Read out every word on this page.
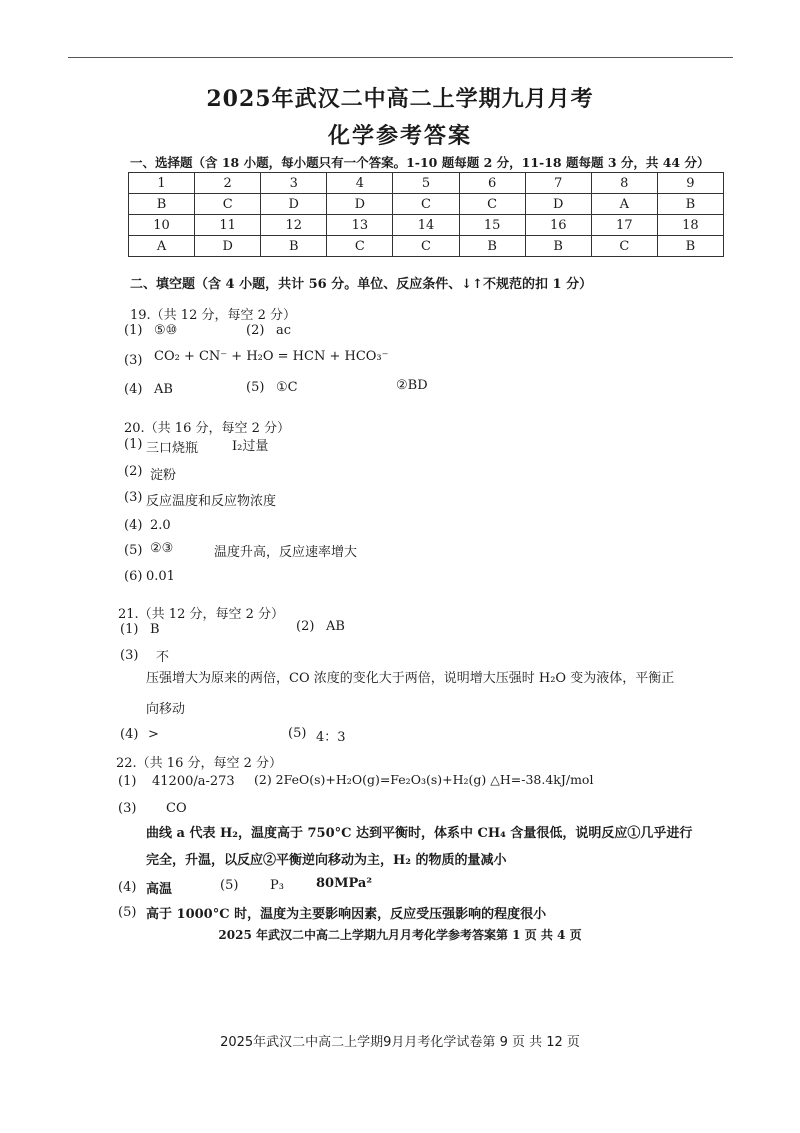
2025年武汉二中高二上学期九月月考
化学参考答案
一、选择题（含 18 小题，每小题只有一个答案。1-10 题每题 2 分，11-18 题每题 3 分，共 44 分）
1	2	3	4	5	6	7	8	9
B	C	D	D	C	C	D	A	B
10	11	12	13	14	15	16	17	18
A	D	B	C	C	B	B	C	B
二、填空题（含 4 小题，共计 56 分。单位、反应条件、↓↑不规范的扣 1 分）
19.（共 12 分，每空 2 分）
(1) ⑤⑩	(2) ac
(3) CO₂ + CN⁻ + H₂O = HCN + HCO₃⁻
(4) AB	(5) ①C	②BD
20.（共 16 分，每空 2 分）
(1) 三口烧瓶	I₂过量
(2) 淀粉
(3) 反应温度和反应物浓度
(4) 2.0
(5) ②③	温度升高，反应速率增大
(6) 0.01
21.（共 12 分，每空 2 分）
(1) B	(2) AB
(3) 不
压强增大为原来的两倍，CO 浓度的变化大于两倍，说明增大压强时 H₂O 变为液体，平衡正
向移动
(4) >	(5) 4：3
22.（共 16 分，每空 2 分）
(1) 41200/a-273 (2) 2FeO(s)+H₂O(g)=Fe₂O₃(s)+H₂(g) △H=-38.4kJ/mol
(3) CO
曲线 a 代表 H₂，温度高于 750°C 达到平衡时，体系中 CH₄ 含量很低，说明反应①几乎进行
完全，升温，以反应②平衡逆向移动为主，H₂ 的物质的量减小
(4) 高温	(5) P₃ 80MPa²
(5) 高于 1000°C 时，温度为主要影响因素，反应受压强影响的程度很小
2025 年武汉二中高二上学期九月月考化学参考答案第 1 页 共 4 页
2025年武汉二中高二上学期9月月考化学试卷第 9 页 共 12 页
